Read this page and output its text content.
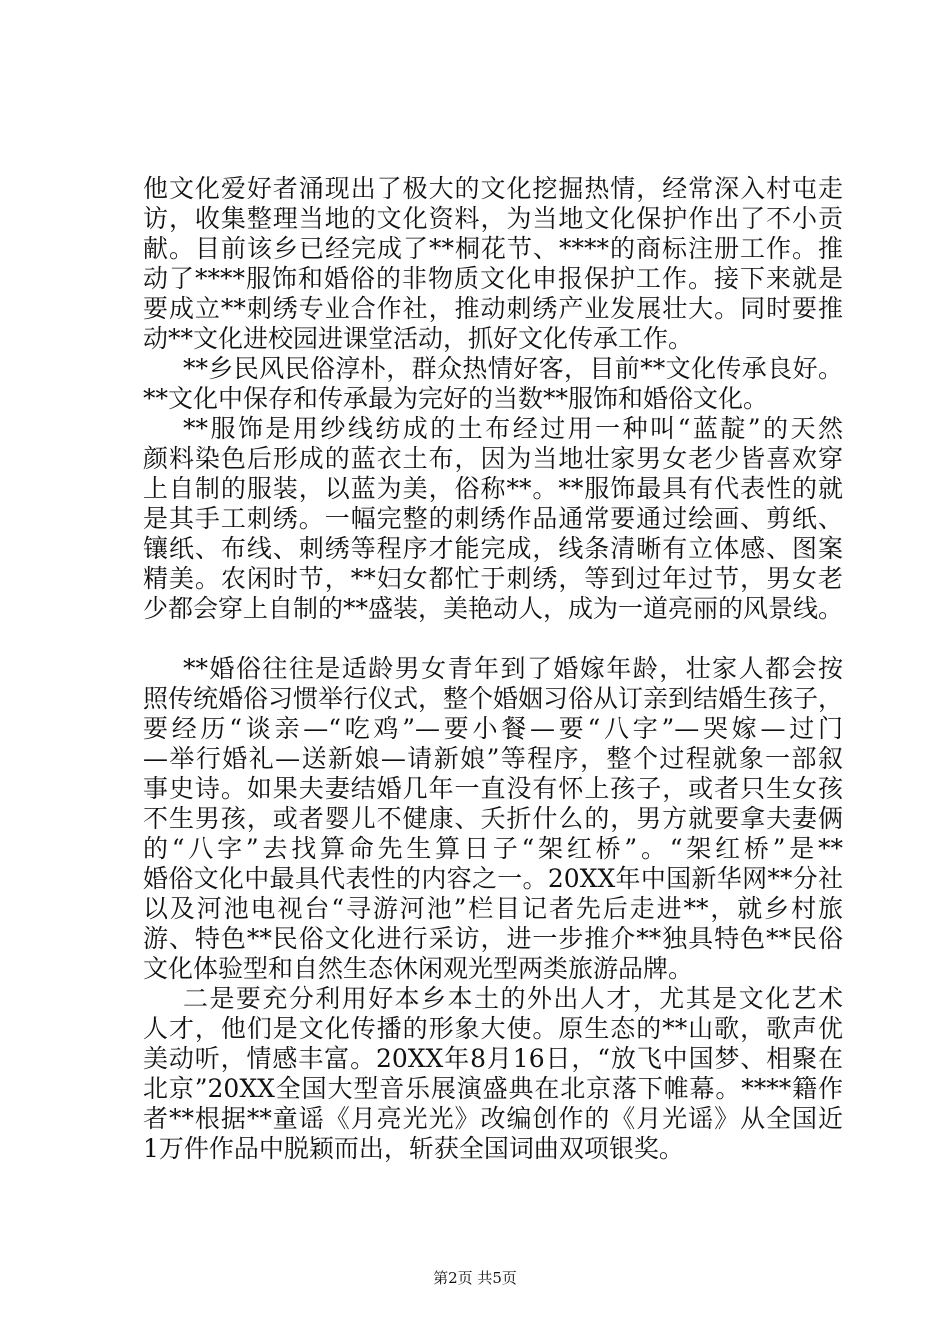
他文化爱好者涌现出了极大的文化挖掘热情，经常深入村屯走
访，收集整理当地的文化资料，为当地文化保护作出了不小贡
献。目前该乡已经完成了**桐花节、****的商标注册工作。推
动了****服饰和婚俗的非物质文化申报保护工作。接下来就是
要成立**刺绣专业合作社，推动刺绣产业发展壮大。同时要推
动**文化进校园进课堂活动，抓好文化传承工作。
**乡民风民俗淳朴，群众热情好客，目前**文化传承良好。
**文化中保存和传承最为完好的当数**服饰和婚俗文化。
**服饰是用纱线纺成的土布经过用一种叫“蓝靛”的天然
颜料染色后形成的蓝衣土布，因为当地壮家男女老少皆喜欢穿
上自制的服装，以蓝为美，俗称**。**服饰最具有代表性的就
是其手工刺绣。一幅完整的刺绣作品通常要通过绘画、剪纸、
镶纸、布线、刺绣等程序才能完成，线条清晰有立体感、图案
精美。农闲时节，**妇女都忙于刺绣，等到过年过节，男女老
少都会穿上自制的**盛装，美艳动人，成为一道亮丽的风景线。
**婚俗往往是适龄男女青年到了婚嫁年龄，壮家人都会按
照传统婚俗习惯举行仪式，整个婚姻习俗从订亲到结婚生孩子，
要经历“谈亲—“吃鸡”—要小餐—要“八字”—哭嫁—过门
—举行婚礼—送新娘—请新娘”等程序，整个过程就象一部叙
事史诗。如果夫妻结婚几年一直没有怀上孩子，或者只生女孩
不生男孩，或者婴儿不健康、夭折什么的，男方就要拿夫妻俩
的“八字”去找算命先生算日子“架红桥”。“架红桥”是**
婚俗文化中最具代表性的内容之一。20XX年中国新华网**分社
以及河池电视台“寻游河池”栏目记者先后走进**，就乡村旅
游、特色**民俗文化进行采访，进一步推介**独具特色**民俗
文化体验型和自然生态休闲观光型两类旅游品牌。
二是要充分利用好本乡本土的外出人才，尤其是文化艺术
人才，他们是文化传播的形象大使。原生态的**山歌，歌声优
美动听，情感丰富。20XX年8月16日，“放飞中国梦、相聚在
北京”20XX全国大型音乐展演盛典在北京落下帷幕。****籍作
者**根据**童谣《月亮光光》改编创作的《月光谣》从全国近
1万件作品中脱颖而出，斩获全国词曲双项银奖。
第2页 共5页
